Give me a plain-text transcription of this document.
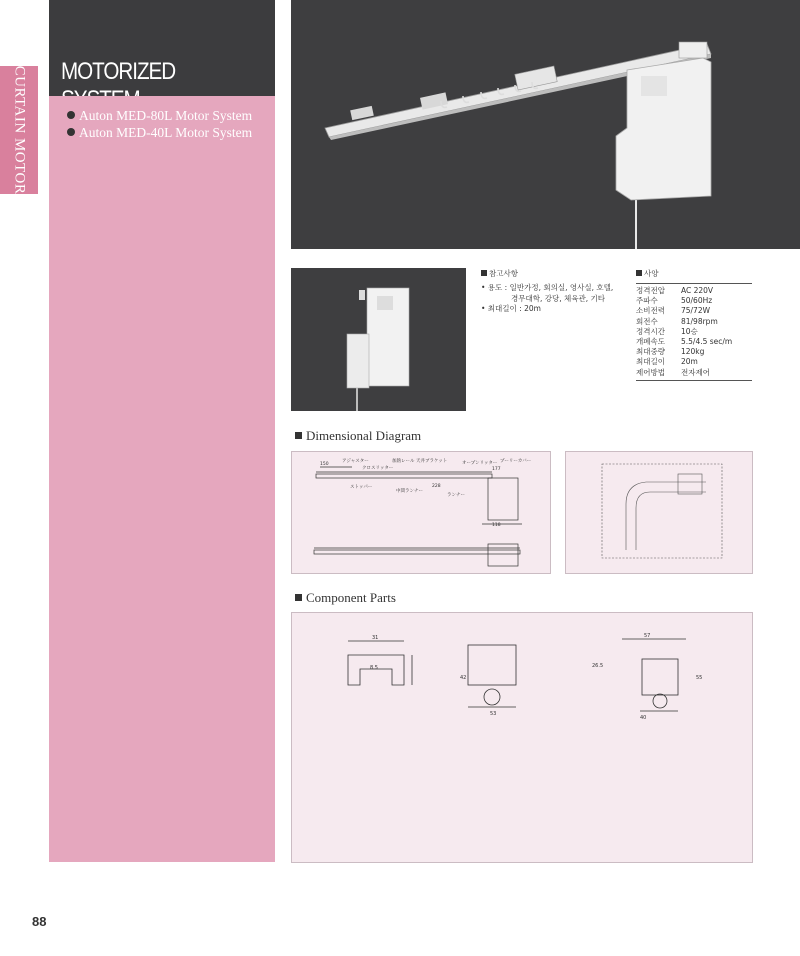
CURTAIN MOTOR MOTORIZED
Auton MED-80L Motor System
Auton MED-40L Motor System
참고사항
• 용도 : 일반가정, 회의실, 영사실, 호텔,
경무대학, 강당, 체육관, 기타
• 최대길이 : 20m
사양
정격전압	AC 220V
주파수	50/60Hz
소비전력	75/72W
회전수	81/98rpm
정격시간	10승
개폐속도	5.5/4.5 sec/m
최대중량	120kg
최대길이	20m
제어방법	전자제어
Dimensional Diagram
150
アジャスター
クロスリッター
加熱レール 天井ブラケット	オープンリッター プーリーカバー
177
ストッパー
中間ランナー
228
ランナー
118
Component Parts
31
8.5
42
53
57
26.5
55
40
88
